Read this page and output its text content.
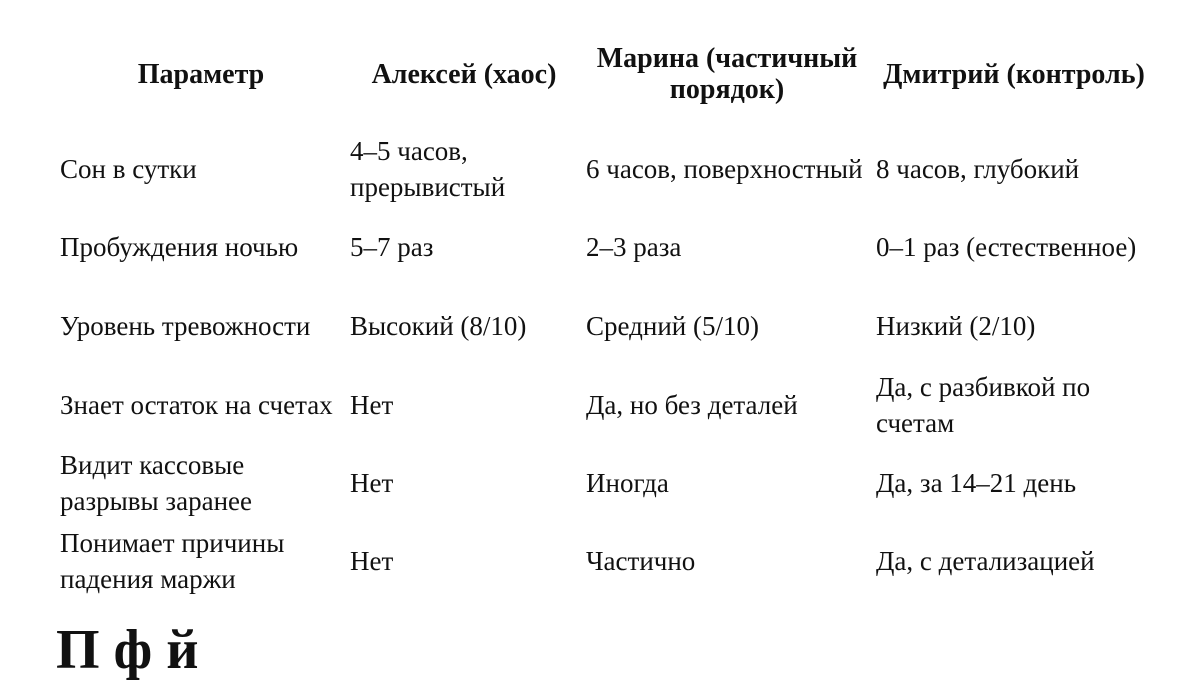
Параметр	Алексей (хаос)	Марина (частичный порядок)	Дмитрий (контроль)
Сон в сутки	4–5 часов, прерывистый	6 часов, поверхностный	8 часов, глубокий
Пробуждения ночью	5–7 раз	2–3 раза	0–1 раз (естественное)
Уровень тревожности	Высокий (8/10)	Средний (5/10)	Низкий (2/10)
Знает остаток на счетах	Нет	Да, но без деталей	Да, с разбивкой по счетам
Видит кассовые разрывы заранее	Нет	Иногда	Да, за 14–21 день
Понимает причины падения маржи	Нет	Частично	Да, с детализацией
П ф й
